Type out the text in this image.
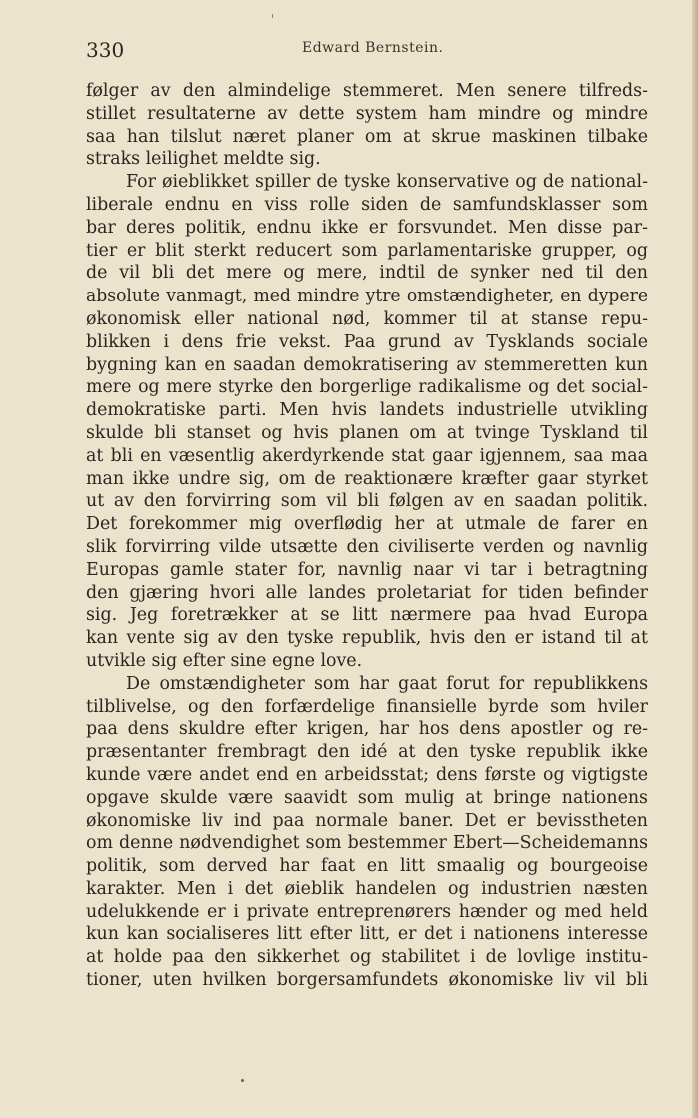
330	Edward Bernstein.
følger av den almindelige stemmeret. Men senere tilfreds-
stillet resultaterne av dette system ham mindre og mindre
saa han tilslut næret planer om at skrue maskinen tilbake
straks leilighet meldte sig.
For øieblikket spiller de tyske konservative og de national-
liberale endnu en viss rolle siden de samfundsklasser som
bar deres politik, endnu ikke er forsvundet. Men disse par-
tier er blit sterkt reducert som parlamentariske grupper, og
de vil bli det mere og mere, indtil de synker ned til den
absolute vanmagt, med mindre ytre omstændigheter, en dypere
økonomisk eller national nød, kommer til at stanse repu-
blikken i dens frie vekst. Paa grund av Tysklands sociale
bygning kan en saadan demokratisering av stemmeretten kun
mere og mere styrke den borgerlige radikalisme og det social-
demokratiske parti. Men hvis landets industrielle utvikling
skulde bli stanset og hvis planen om at tvinge Tyskland til
at bli en væsentlig akerdyrkende stat gaar igjennem, saa maa
man ikke undre sig, om de reaktionære kræfter gaar styrket
ut av den forvirring som vil bli følgen av en saadan politik.
Det forekommer mig overflødig her at utmale de farer en
slik forvirring vilde utsætte den civiliserte verden og navnlig
Europas gamle stater for, navnlig naar vi tar i betragtning
den gjæring hvori alle landes proletariat for tiden befinder
sig. Jeg foretrækker at se litt nærmere paa hvad Europa
kan vente sig av den tyske republik, hvis den er istand til at
utvikle sig efter sine egne love.
De omstændigheter som har gaat forut for republikkens
tilblivelse, og den forfærdelige finansielle byrde som hviler
paa dens skuldre efter krigen, har hos dens apostler og re-
præsentanter frembragt den idé at den tyske republik ikke
kunde være andet end en arbeidsstat; dens første og vigtigste
opgave skulde være saavidt som mulig at bringe nationens
økonomiske liv ind paa normale baner. Det er bevisstheten
om denne nødvendighet som bestemmer Ebert—Scheidemanns
politik, som derved har faat en litt smaalig og bourgeoise
karakter. Men i det øieblik handelen og industrien næsten
udelukkende er i private entreprenørers hænder og med held
kun kan socialiseres litt efter litt, er det i nationens interesse
at holde paa den sikkerhet og stabilitet i de lovlige institu-
tioner, uten hvilken borgersamfundets økonomiske liv vil bli
